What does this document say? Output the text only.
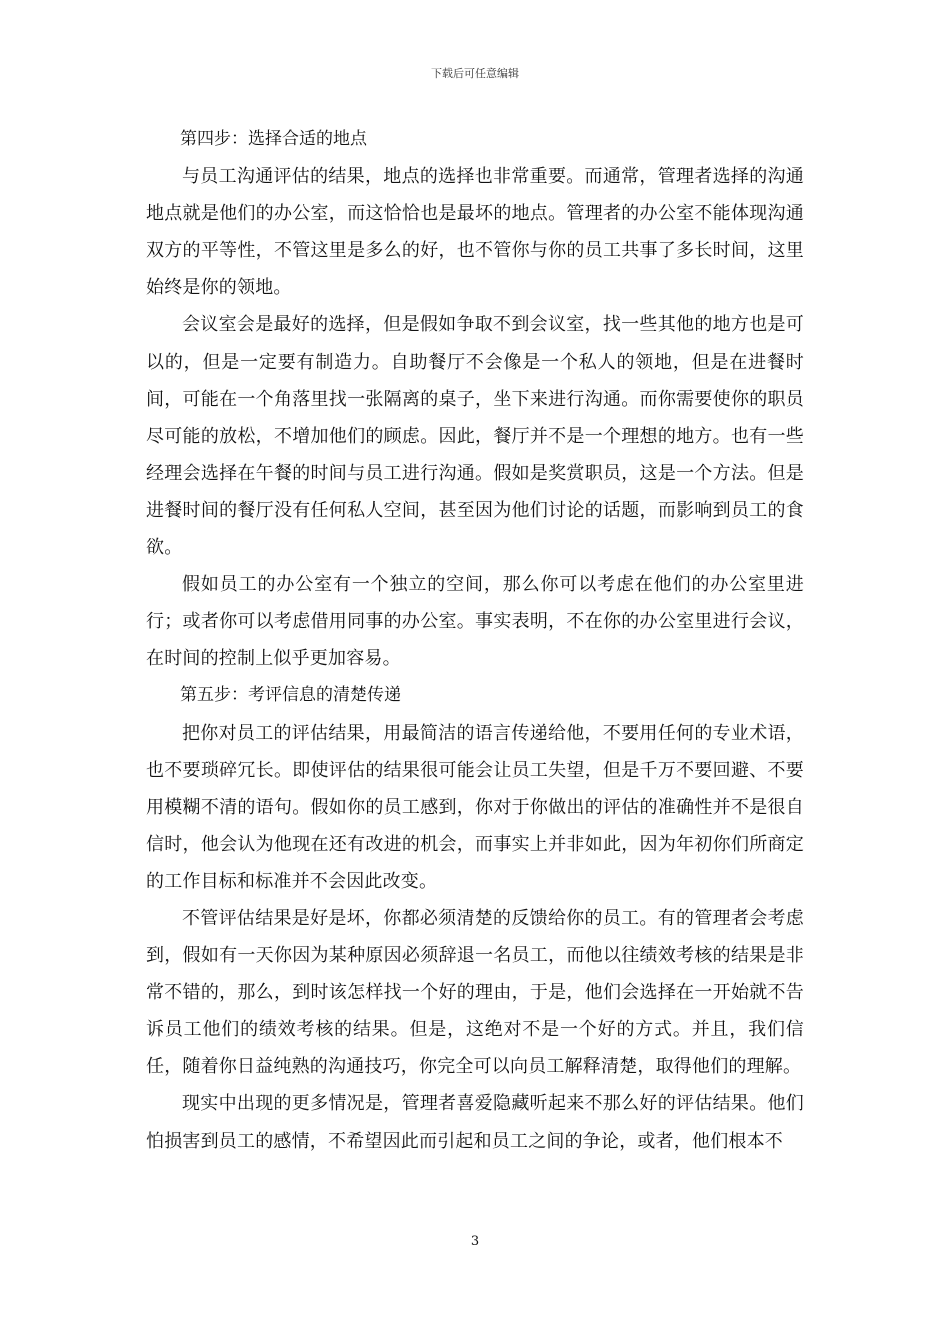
下载后可任意编辑

第四步：选择合适的地点

与员工沟通评估的结果，地点的选择也非常重要。而通常，管理者选择的沟通地点就是他们的办公室，而这恰恰也是最坏的地点。管理者的办公室不能体现沟通双方的平等性，不管这里是多么的好，也不管你与你的员工共事了多长时间，这里始终是你的领地。

会议室会是最好的选择，但是假如争取不到会议室，找一些其他的地方也是可以的，但是一定要有制造力。自助餐厅不会像是一个私人的领地，但是在进餐时间，可能在一个角落里找一张隔离的桌子，坐下来进行沟通。而你需要使你的职员尽可能的放松，不增加他们的顾虑。因此，餐厅并不是一个理想的地方。也有一些经理会选择在午餐的时间与员工进行沟通。假如是奖赏职员，这是一个方法。但是进餐时间的餐厅没有任何私人空间，甚至因为他们讨论的话题，而影响到员工的食欲。

假如员工的办公室有一个独立的空间，那么你可以考虑在他们的办公室里进行；或者你可以考虑借用同事的办公室。事实表明，不在你的办公室里进行会议，在时间的控制上似乎更加容易。

第五步：考评信息的清楚传递

把你对员工的评估结果，用最简洁的语言传递给他，不要用任何的专业术语，也不要琐碎冗长。即使评估的结果很可能会让员工失望，但是千万不要回避、不要用模糊不清的语句。假如你的员工感到，你对于你做出的评估的准确性并不是很自信时，他会认为他现在还有改进的机会，而事实上并非如此，因为年初你们所商定的工作目标和标准并不会因此改变。

不管评估结果是好是坏，你都必须清楚的反馈给你的员工。有的管理者会考虑到，假如有一天你因为某种原因必须辞退一名员工，而他以往绩效考核的结果是非常不错的，那么，到时该怎样找一个好的理由，于是，他们会选择在一开始就不告诉员工他们的绩效考核的结果。但是，这绝对不是一个好的方式。并且，我们信任，随着你日益纯熟的沟通技巧，你完全可以向员工解释清楚，取得他们的理解。

现实中出现的更多情况是，管理者喜爱隐藏听起来不那么好的评估结果。他们怕损害到员工的感情，不希望因此而引起和员工之间的争论，或者，他们根本不

3
